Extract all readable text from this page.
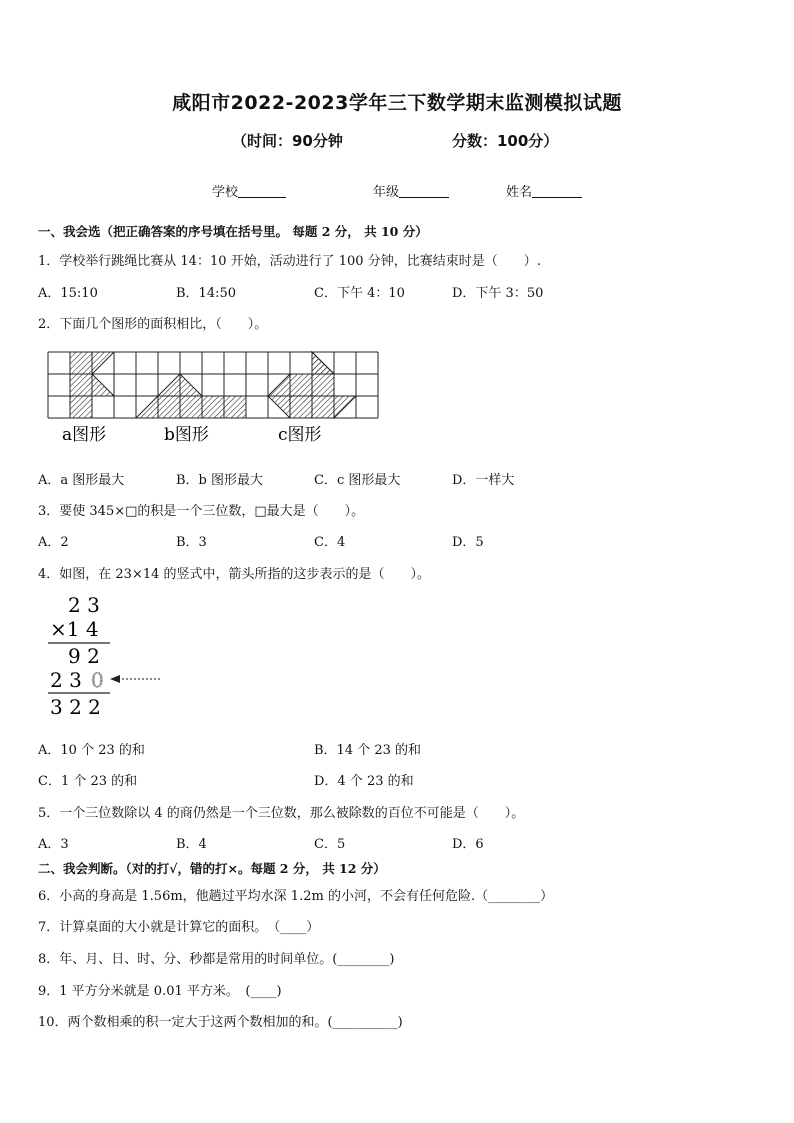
咸阳市2022-2023学年三下数学期末监测模拟试题
（时间：90分钟	分数：100分）
学校	年级	姓名
一、我会选（把正确答案的序号填在括号里。 每题 2 分， 共 10 分）
1．学校举行跳绳比赛从 14：10 开始，活动进行了 100 分钟，比赛结束时是（　　）.
A．15:10	B．14:50	C．下午 4：10	D．下午 3：50
2．下面几个图形的面积相比，（　　）。
a图形	b图形	c图形
A．a 图形最大	B．b 图形最大	C．c 图形最大	D．一样大
3．要使 345×□的积是一个三位数，□最大是（　　）。
A．2	B．3	C．4	D．5
4．如图，在 23×14 的竖式中，箭头所指的这步表示的是（　　）。
2 3
×1 4
9 2
2 3 0
3 2 2
A．10 个 23 的和	B．14 个 23 的和
C．1 个 23 的和	D．4 个 23 的和
5．一个三位数除以 4 的商仍然是一个三位数，那么被除数的百位不可能是（　　）。
A．3	B．4	C．5	D．6
二、我会判断。（对的打√，错的打×。每题 2 分， 共 12 分）
6．小高的身高是 1.56m，他趟过平均水深 1.2m 的小河，不会有任何危险.（________）
7．计算桌面的大小就是计算它的面积。　（____）
8．年、月、日、时、分、秒都是常用的时间单位。(________)
9．1 平方分米就是 0.01 平方米。　(____)
10．两个数相乘的积一定大于这两个数相加的和。(__________)
